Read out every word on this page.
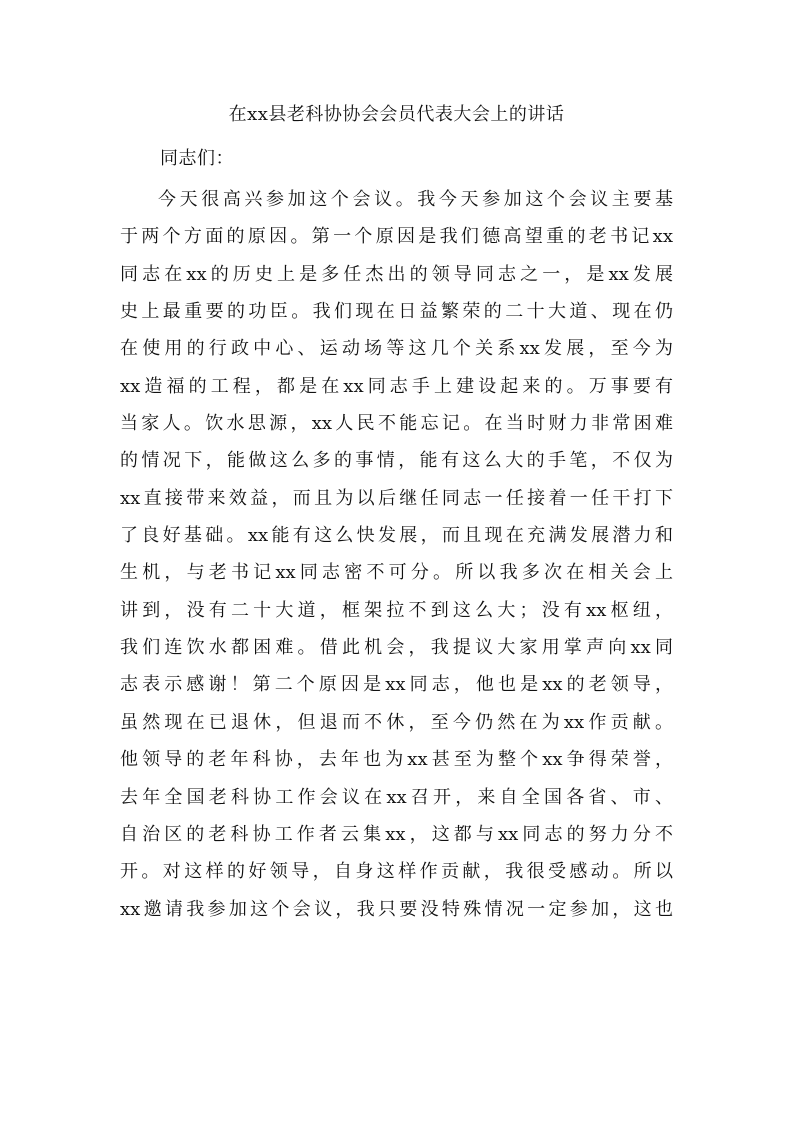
在xx县老科协协会会员代表大会上的讲话
同志们：
今天很高兴参加这个会议。我今天参加这个会议主要基
于两个方面的原因。第一个原因是我们德高望重的老书记xx
同志在xx的历史上是多任杰出的领导同志之一，是xx发展
史上最重要的功臣。我们现在日益繁荣的二十大道、现在仍
在使用的行政中心、运动场等这几个关系xx发展，至今为
xx造福的工程，都是在xx同志手上建设起来的。万事要有
当家人。饮水思源，xx人民不能忘记。在当时财力非常困难
的情况下，能做这么多的事情，能有这么大的手笔，不仅为
xx直接带来效益，而且为以后继任同志一任接着一任干打下
了良好基础。xx能有这么快发展，而且现在充满发展潜力和
生机，与老书记xx同志密不可分。所以我多次在相关会上
讲到，没有二十大道，框架拉不到这么大；没有xx枢纽，
我们连饮水都困难。借此机会，我提议大家用掌声向xx同
志表示感谢！第二个原因是xx同志，他也是xx的老领导，
虽然现在已退休，但退而不休，至今仍然在为xx作贡献。
他领导的老年科协，去年也为xx甚至为整个xx争得荣誉，
去年全国老科协工作会议在xx召开，来自全国各省、市、
自治区的老科协工作者云集xx，这都与xx同志的努力分不
开。对这样的好领导，自身这样作贡献，我很受感动。所以
xx邀请我参加这个会议，我只要没特殊情况一定参加，这也
